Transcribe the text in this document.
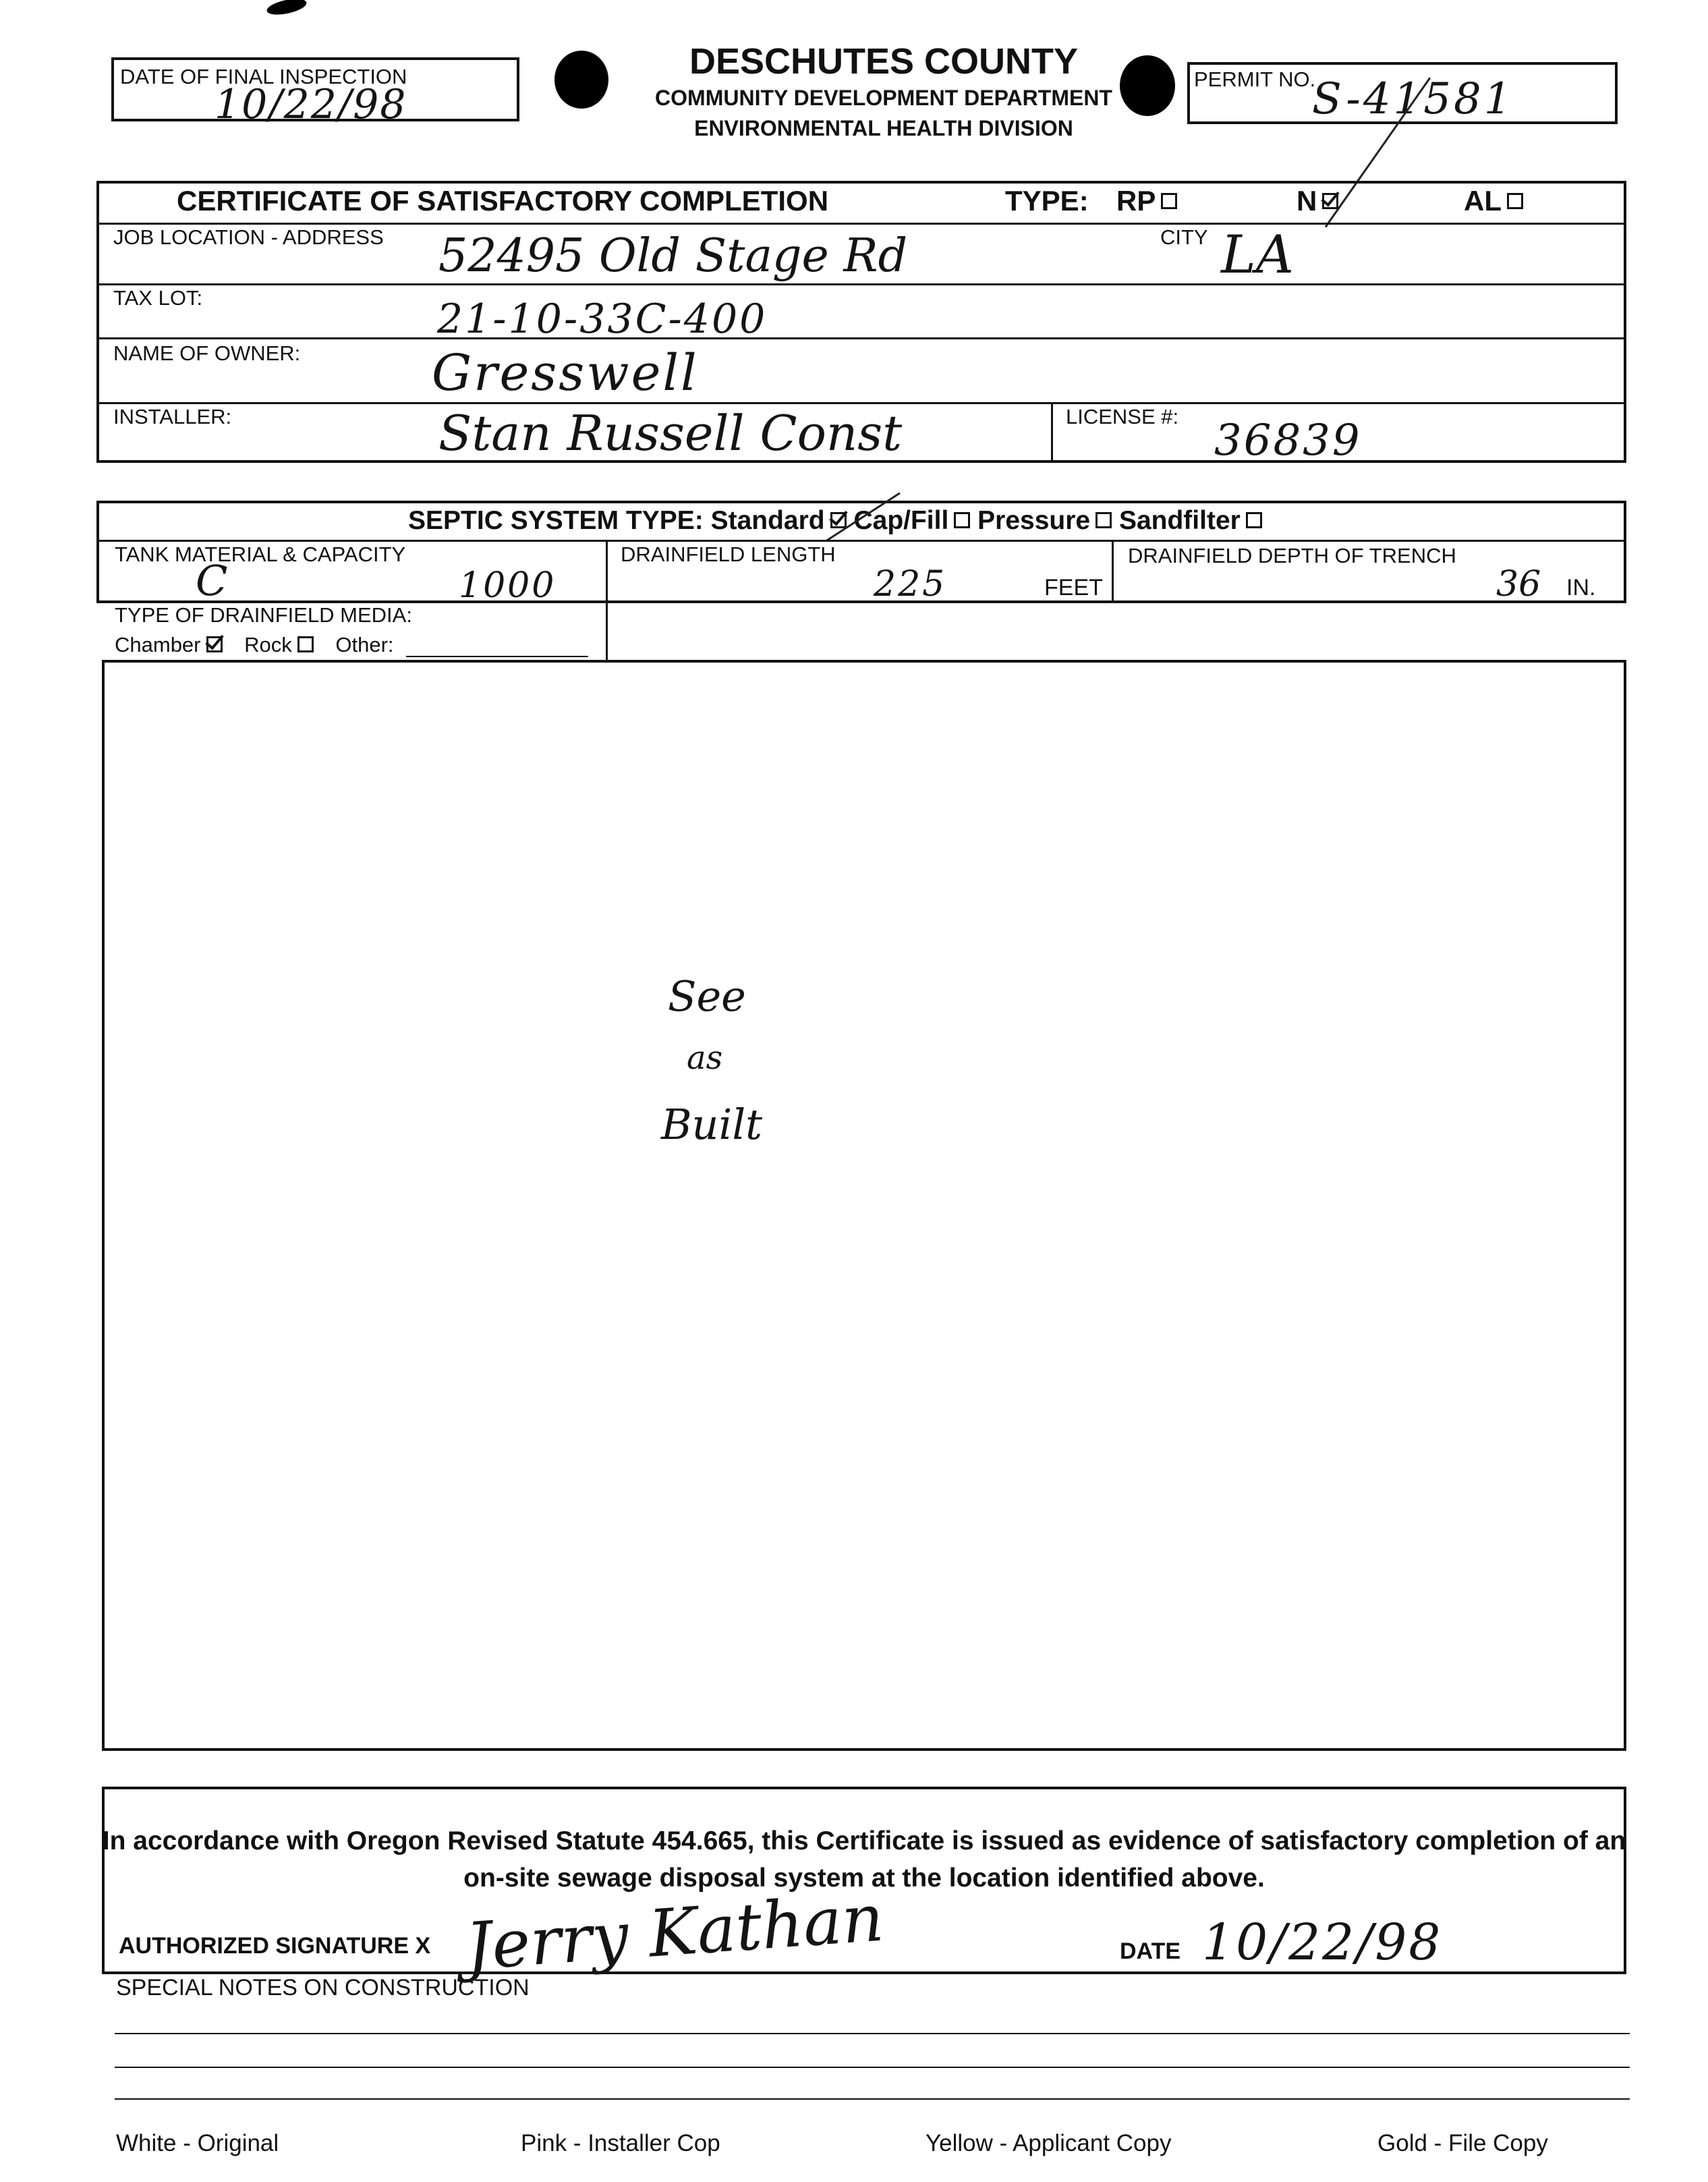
DATE OF FINAL INSPECTION
10/22/98
DESCHUTES COUNTY
COMMUNITY DEVELOPMENT DEPARTMENT
ENVIRONMENTAL HEALTH DIVISION
PERMIT NO.
S-41581
CERTIFICATE OF SATISFACTORY COMPLETION	TYPE: RP	N	AL
JOB LOCATION - ADDRESS 52495 Old Stage Rd	CITY LA
TAX LOT:	21-10-33C-400
NAME OF OWNER:	Gresswell
INSTALLER:	Stan Russell Const	LICENSE #: 36839
SEPTIC SYSTEM TYPE: Standard Cap/Fill Pressure Sandfilter
TANK MATERIAL & CAPACITY
C	1000
DRAINFIELD LENGTH
225	FEET
DRAINFIELD DEPTH OF TRENCH
36 IN.
TYPE OF DRAINFIELD MEDIA:
Chamber Rock Other:
See
as
Built
In accordance with Oregon Revised Statute 454.665, this Certificate is issued as evidence of satisfactory completion of an
on-site sewage disposal system at the location identified above.
AUTHORIZED SIGNATURE X Jerry Kathan	DATE 10/22/98
SPECIAL NOTES ON CONSTRUCTION
White - Original	Pink - Installer Cop	Yellow - Applicant Copy	Gold - File Copy
